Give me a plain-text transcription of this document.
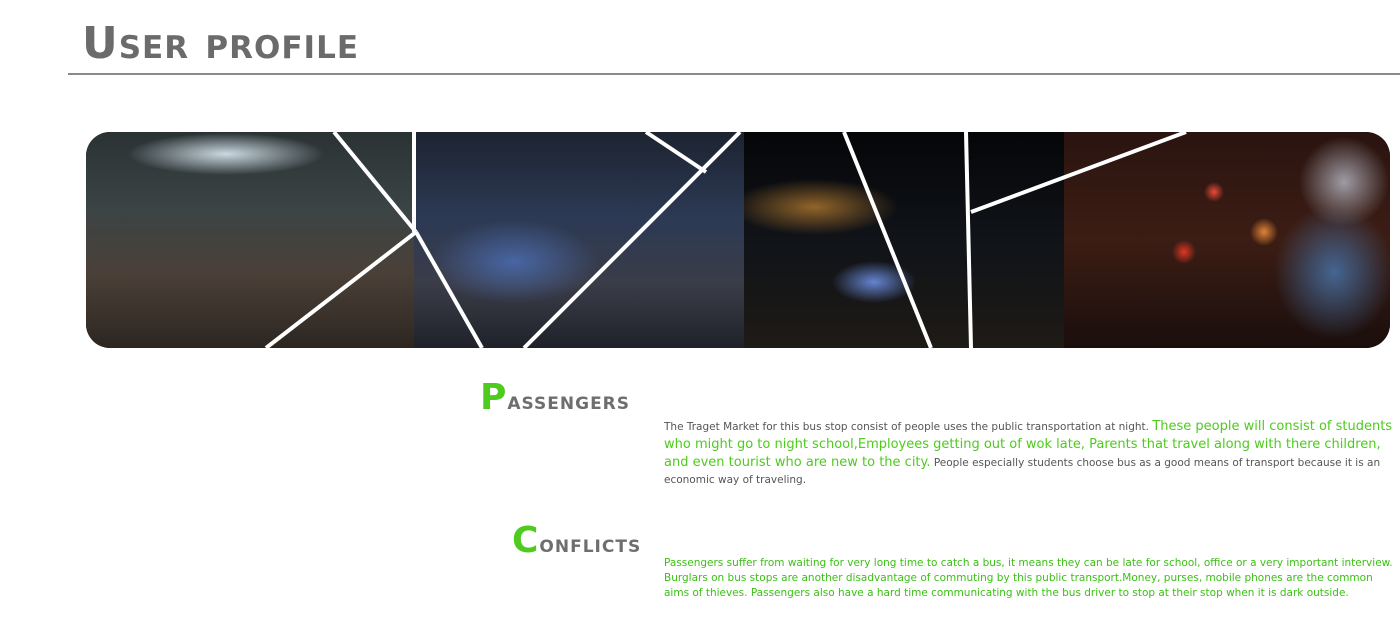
User profile
Passengers
The Traget Market for this bus stop consist of people uses the public transportation at night. These people will consist of students who might go to night school,Employees getting out of wok late, Parents that travel along with there children, and even tourist who are new to the city. People especially students choose bus as a good means of transport because it is an economic way of traveling.
Conflicts
Passengers suffer from waiting for very long time to catch a bus, it means they can be late for school, office or a very important interview.
Burglars on bus stops are another disadvantage of commuting by this public transport.Money, purses, mobile phones are the common
aims of thieves. Passengers also have a hard time communicating with the bus driver to stop at their stop when it is dark outside.
